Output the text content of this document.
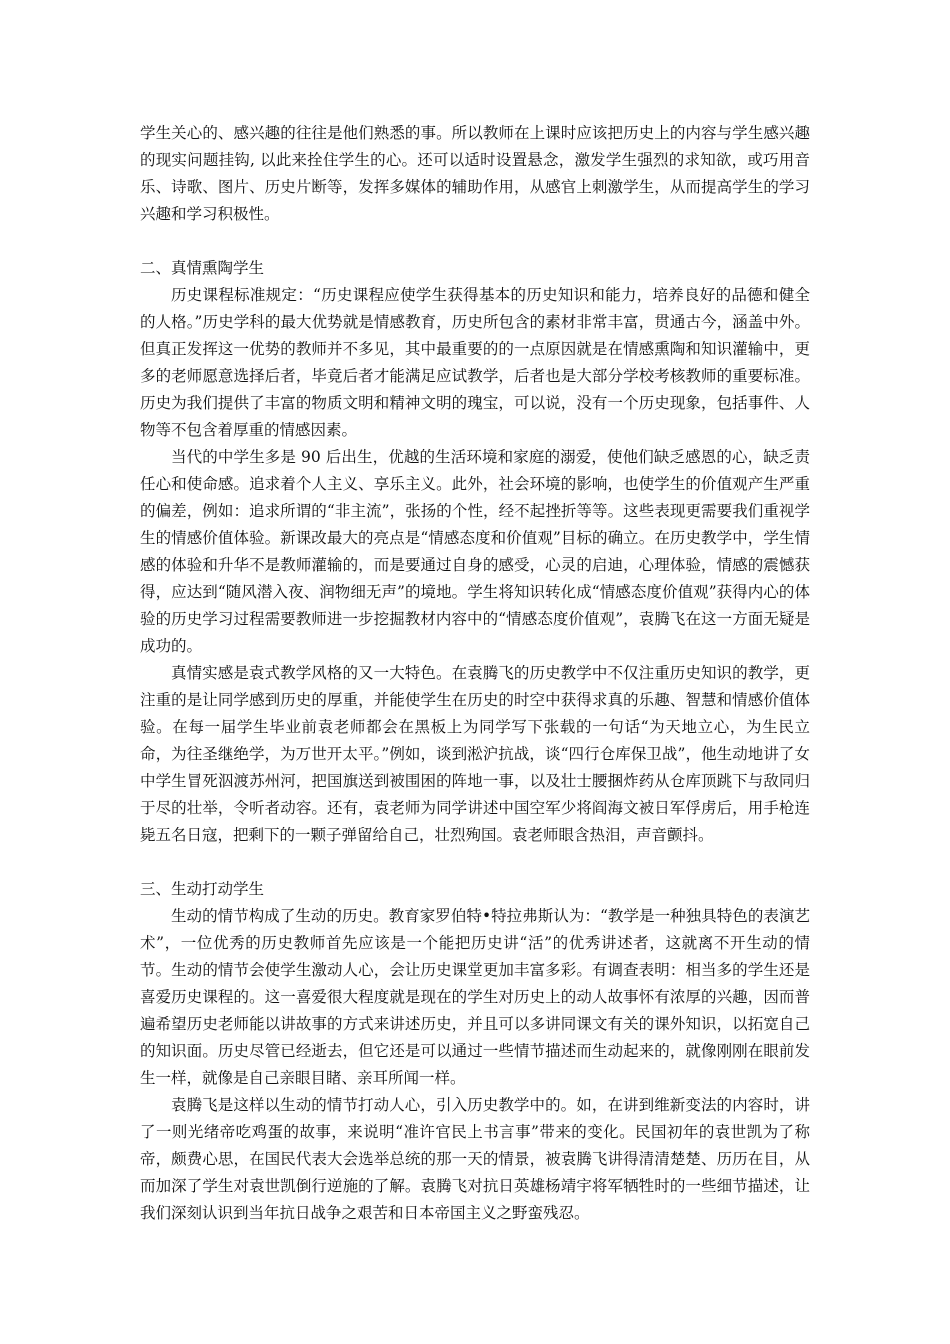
学生关心的、感兴趣的往往是他们熟悉的事。所以教师在上课时应该把历史上的内容与学生感兴趣的现实问题挂钩, 以此来拴住学生的心。还可以适时设置悬念，激发学生强烈的求知欲，或巧用音乐、诗歌、图片、历史片断等，发挥多媒体的辅助作用，从感官上刺激学生，从而提高学生的学习兴趣和学习积极性。

二、真情熏陶学生

历史课程标准规定：“历史课程应使学生获得基本的历史知识和能力，培养良好的品德和健全的人格。”历史学科的最大优势就是情感教育，历史所包含的素材非常丰富，贯通古今，涵盖中外。但真正发挥这一优势的教师并不多见，其中最重要的的一点原因就是在情感熏陶和知识灌输中，更多的老师愿意选择后者，毕竟后者才能满足应试教学，后者也是大部分学校考核教师的重要标准。历史为我们提供了丰富的物质文明和精神文明的瑰宝，可以说，没有一个历史现象，包括事件、人物等不包含着厚重的情感因素。

当代的中学生多是 90 后出生，优越的生活环境和家庭的溺爱，使他们缺乏感恩的心，缺乏责任心和使命感。追求着个人主义、享乐主义。此外，社会环境的影响，也使学生的价值观产生严重的偏差，例如：追求所谓的“非主流”，张扬的个性，经不起挫折等等。这些表现更需要我们重视学生的情感价值体验。新课改最大的亮点是“情感态度和价值观”目标的确立。在历史教学中，学生情感的体验和升华不是教师灌输的，而是要通过自身的感受，心灵的启迪，心理体验，情感的震憾获得，应达到“随风潜入夜、润物细无声”的境地。学生将知识转化成“情感态度价值观”获得内心的体验的历史学习过程需要教师进一步挖掘教材内容中的“情感态度价值观”，袁腾飞在这一方面无疑是成功的。

真情实感是袁式教学风格的又一大特色。在袁腾飞的历史教学中不仅注重历史知识的教学，更注重的是让同学感到历史的厚重，并能使学生在历史的时空中获得求真的乐趣、智慧和情感价值体验。在每一届学生毕业前袁老师都会在黑板上为同学写下张载的一句话“为天地立心，为生民立命，为往圣继绝学，为万世开太平。”例如，谈到淞沪抗战，谈“四行仓库保卫战”，他生动地讲了女中学生冒死泅渡苏州河，把国旗送到被围困的阵地一事，以及壮士腰捆炸药从仓库顶跳下与敌同归于尽的壮举，令听者动容。还有，袁老师为同学讲述中国空军少将阎海文被日军俘虏后，用手枪连毙五名日寇，把剩下的一颗子弹留给自己，壮烈殉国。袁老师眼含热泪，声音颤抖。

三、生动打动学生

生动的情节构成了生动的历史。教育家罗伯特•特拉弗斯认为：“教学是一种独具特色的表演艺术”，一位优秀的历史教师首先应该是一个能把历史讲“活”的优秀讲述者，这就离不开生动的情节。生动的情节会使学生激动人心，会让历史课堂更加丰富多彩。有调查表明：相当多的学生还是喜爱历史课程的。这一喜爱很大程度就是现在的学生对历史上的动人故事怀有浓厚的兴趣，因而普遍希望历史老师能以讲故事的方式来讲述历史，并且可以多讲同课文有关的课外知识，以拓宽自己的知识面。历史尽管已经逝去，但它还是可以通过一些情节描述而生动起来的，就像刚刚在眼前发生一样，就像是自己亲眼目睹、亲耳所闻一样。

袁腾飞是这样以生动的情节打动人心，引入历史教学中的。如，在讲到维新变法的内容时，讲了一则光绪帝吃鸡蛋的故事，来说明“准许官民上书言事”带来的变化。民国初年的袁世凯为了称帝，颇费心思，在国民代表大会选举总统的那一天的情景，被袁腾飞讲得清清楚楚、历历在目，从而加深了学生对袁世凯倒行逆施的了解。袁腾飞对抗日英雄杨靖宇将军牺牲时的一些细节描述，让我们深刻认识到当年抗日战争之艰苦和日本帝国主义之野蛮残忍。
